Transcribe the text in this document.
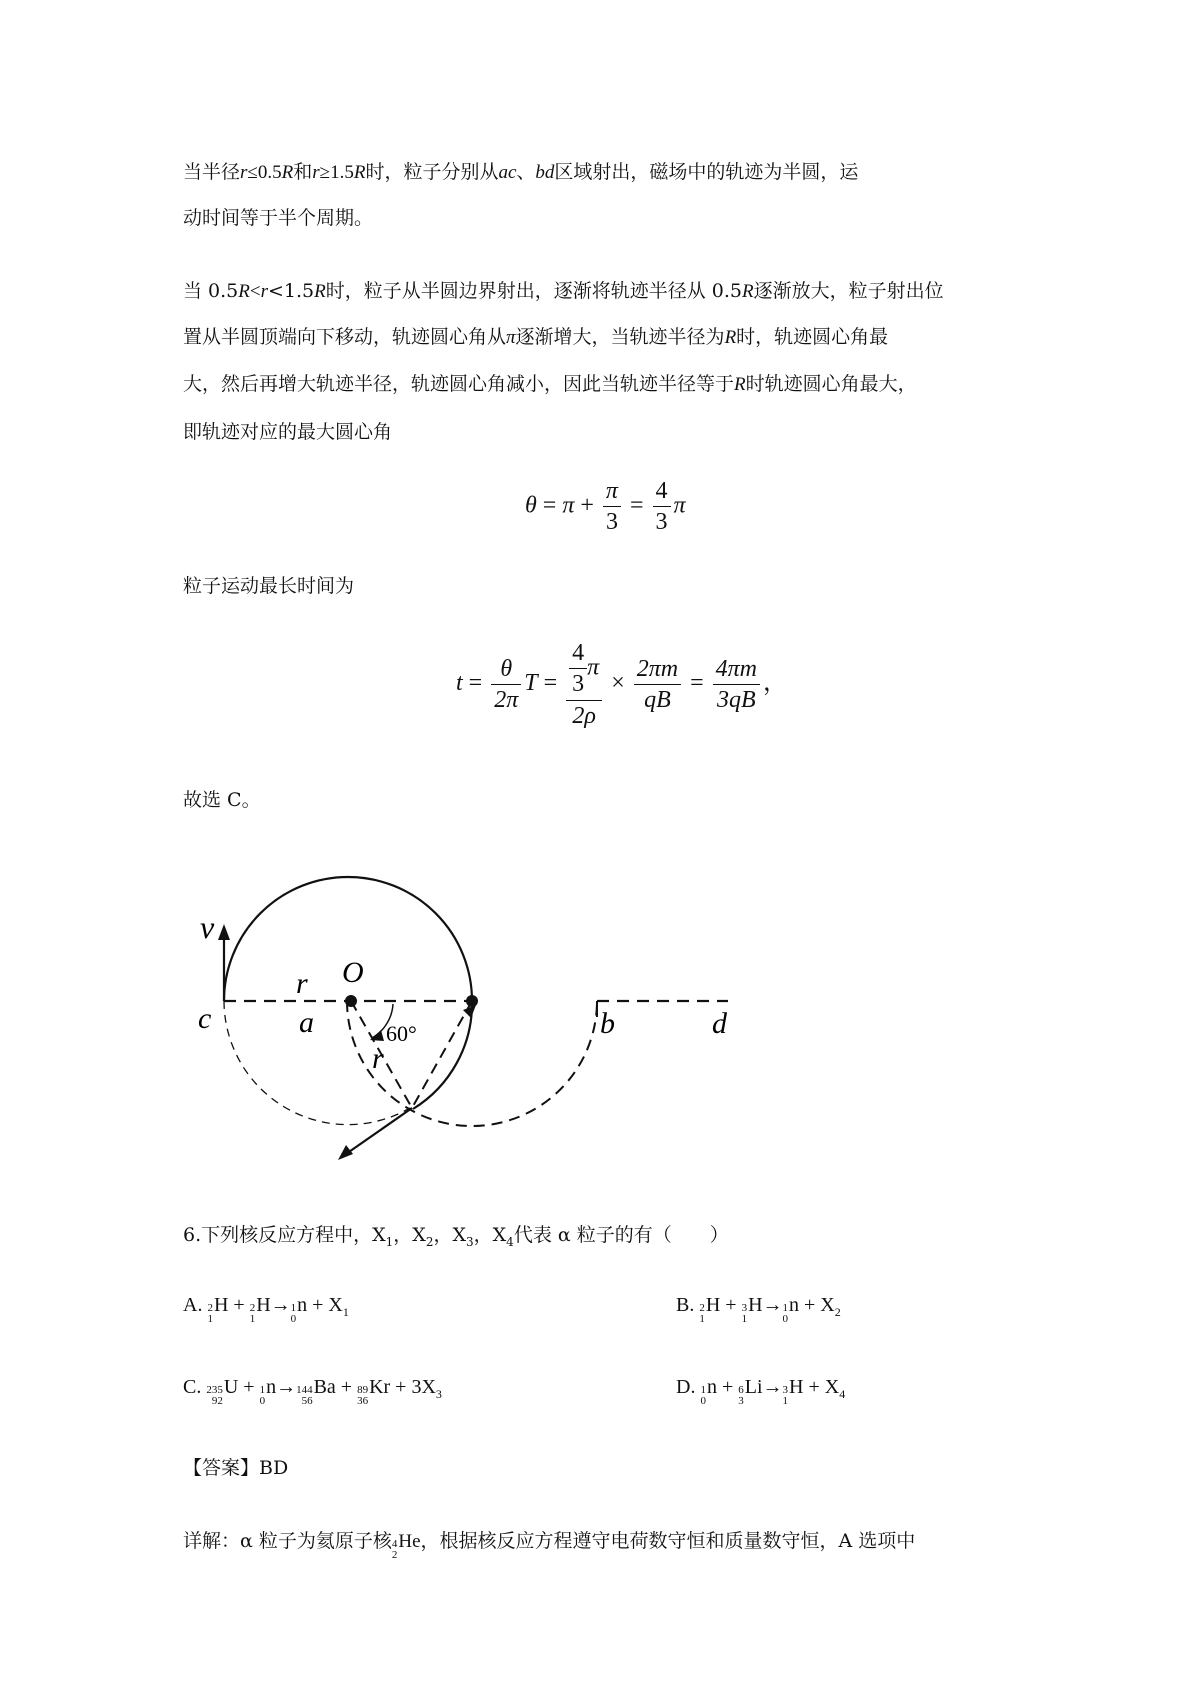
当半径r≤0.5R和r≥1.5R时，粒子分别从ac、bd区域射出，磁场中的轨迹为半圆，运
动时间等于半个周期。
当 0.5R<r<1.5R时，粒子从半圆边界射出，逐渐将轨迹半径从 0.5R逐渐放大，粒子射出位
置从半圆顶端向下移动，轨迹圆心角从π逐渐增大，当轨迹半径为R时，轨迹圆心角最
大，然后再增大轨迹半径，轨迹圆心角减小，因此当轨迹半径等于R时轨迹圆心角最大，
即轨迹对应的最大圆心角
$\theta = \pi + \frac{\pi}{3} = \frac{4}{3}$ π
粒子运动最长时间为
$t = \frac{\theta}{2\pi}$ $T = \frac{\frac{4}{3} \pi}{2\rho} \times \frac{2\pi m}{qB} = \frac{4\pi m}{3qB}$ ，
故选 C。
v
r O
c	a	60°
r
b	d
6.下列核反应方程中，$X_1$，$X_2$，$X_3$，$X_4$代表 α 粒子的有（　　）
A. 2
1
H + 2
1
H→ 1
0
$n + X_1$	B. 2
1
H + 3
1
H→ 1
0
$n + X_2$
C. 235
92
U + 1
0
n→ 144
56
Ba + 89
36
$Kr + 3X_3$	D. 1
0
n + 6
3
Li→ 3
1
$H + X_4$
【答案】BD
详解：α 粒子为氦原子核 4
2
He，根据核反应方程遵守电荷数守恒和质量数守恒，A 选项中
